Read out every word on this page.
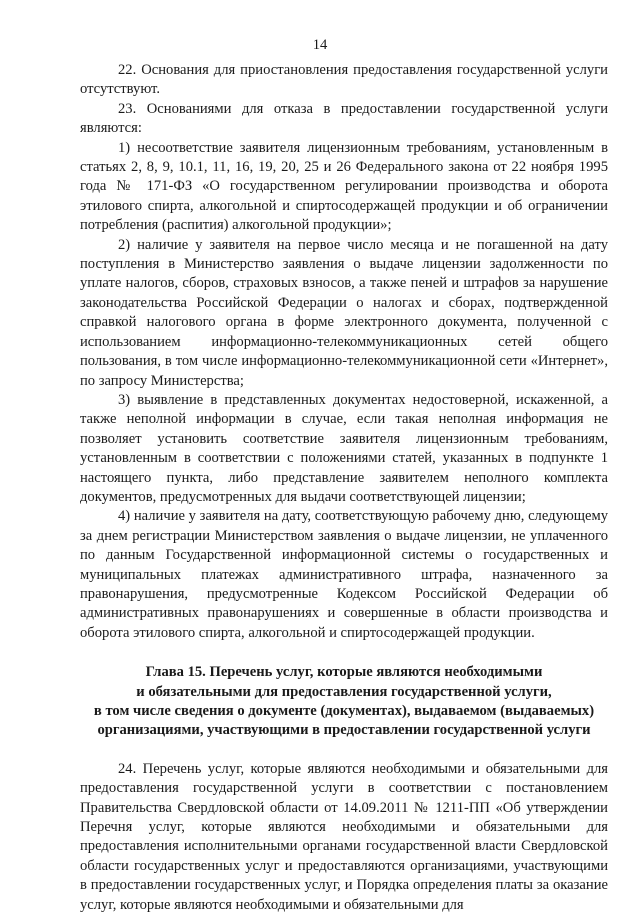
14

22. Основания для приостановления предоставления государственной услуги отсутствуют.

23. Основаниями для отказа в предоставлении государственной услуги являются:

1) несоответствие заявителя лицензионным требованиям, установленным в статьях 2, 8, 9, 10.1, 11, 16, 19, 20, 25 и 26 Федерального закона от 22 ноября 1995 года № 171-ФЗ «О государственном регулировании производства и оборота этилового спирта, алкогольной и спиртосодержащей продукции и об ограничении потребления (распития) алкогольной продукции»;

2) наличие у заявителя на первое число месяца и не погашенной на дату поступления в Министерство заявления о выдаче лицензии задолженности по уплате налогов, сборов, страховых взносов, а также пеней и штрафов за нарушение законодательства Российской Федерации о налогах и сборах, подтвержденной справкой налогового органа в форме электронного документа, полученной с использованием информационно-телекоммуникационных сетей общего пользования, в том числе информационно-телекоммуникационной сети «Интернет», по запросу Министерства;

3) выявление в представленных документах недостоверной, искаженной, а также неполной информации в случае, если такая неполная информация не позволяет установить соответствие заявителя лицензионным требованиям, установленным в соответствии с положениями статей, указанных в подпункте 1 настоящего пункта, либо представление заявителем неполного комплекта документов, предусмотренных для выдачи соответствующей лицензии;

4) наличие у заявителя на дату, соответствующую рабочему дню, следующему за днем регистрации Министерством заявления о выдаче лицензии, не уплаченного по данным Государственной информационной системы о государственных и муниципальных платежах административного штрафа, назначенного за правонарушения, предусмотренные Кодексом Российской Федерации об административных правонарушениях и совершенные в области производства и оборота этилового спирта, алкогольной и спиртосодержащей продукции.

Глава 15. Перечень услуг, которые являются необходимыми
и обязательными для предоставления государственной услуги,
в том числе сведения о документе (документах), выдаваемом (выдаваемых)
организациями, участвующими в предоставлении государственной услуги

24. Перечень услуг, которые являются необходимыми и обязательными для предоставления государственной услуги в соответствии с постановлением Правительства Свердловской области от 14.09.2011 № 1211-ПП «Об утверждении Перечня услуг, которые являются необходимыми и обязательными для предоставления исполнительными органами государственной власти Свердловской области государственных услуг и предоставляются организациями, участвующими в предоставлении государственных услуг, и Порядка определения платы за оказание услуг, которые являются необходимыми и обязательными для
